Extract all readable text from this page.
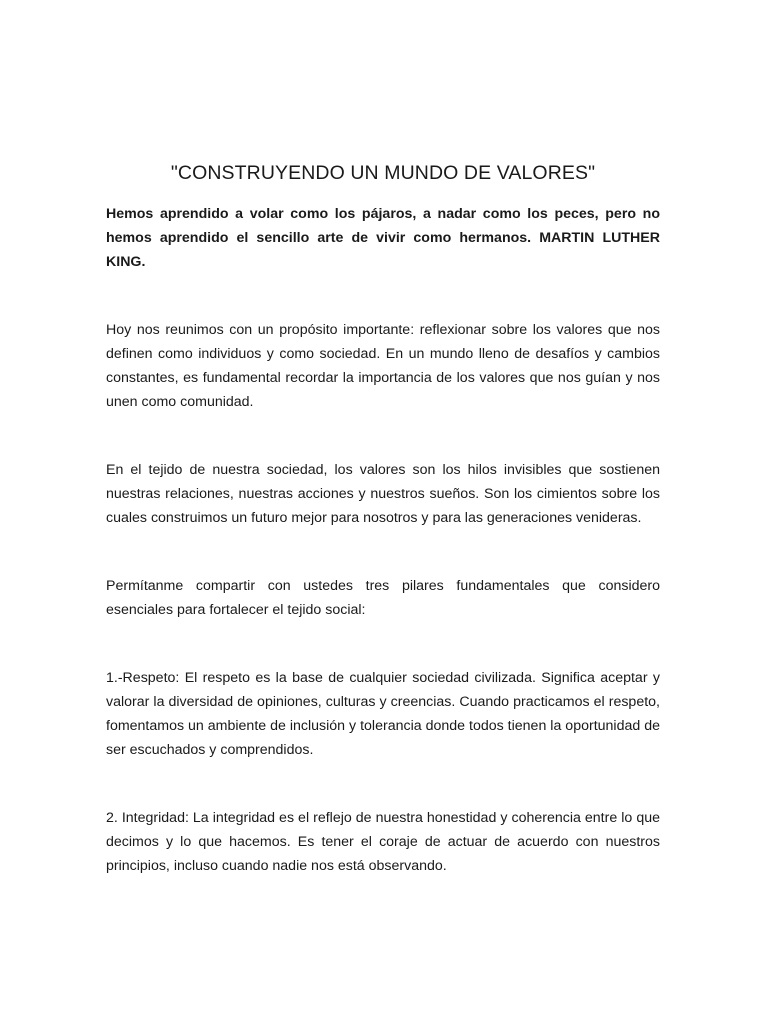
"CONSTRUYENDO UN MUNDO DE VALORES"

Hemos aprendido a volar como los pájaros, a nadar como los peces, pero no hemos aprendido el sencillo arte de vivir como hermanos. MARTIN LUTHER KING.

Hoy nos reunimos con un propósito importante: reflexionar sobre los valores que nos definen como individuos y como sociedad. En un mundo lleno de desafíos y cambios constantes, es fundamental recordar la importancia de los valores que nos guían y nos unen como comunidad.

En el tejido de nuestra sociedad, los valores son los hilos invisibles que sostienen nuestras relaciones, nuestras acciones y nuestros sueños. Son los cimientos sobre los cuales construimos un futuro mejor para nosotros y para las generaciones venideras.

Permítanme compartir con ustedes tres pilares fundamentales que considero esenciales para fortalecer el tejido social:

1.-Respeto: El respeto es la base de cualquier sociedad civilizada. Significa aceptar y valorar la diversidad de opiniones, culturas y creencias. Cuando practicamos el respeto, fomentamos un ambiente de inclusión y tolerancia donde todos tienen la oportunidad de ser escuchados y comprendidos.

2. Integridad: La integridad es el reflejo de nuestra honestidad y coherencia entre lo que decimos y lo que hacemos. Es tener el coraje de actuar de acuerdo con nuestros principios, incluso cuando nadie nos está observando.
